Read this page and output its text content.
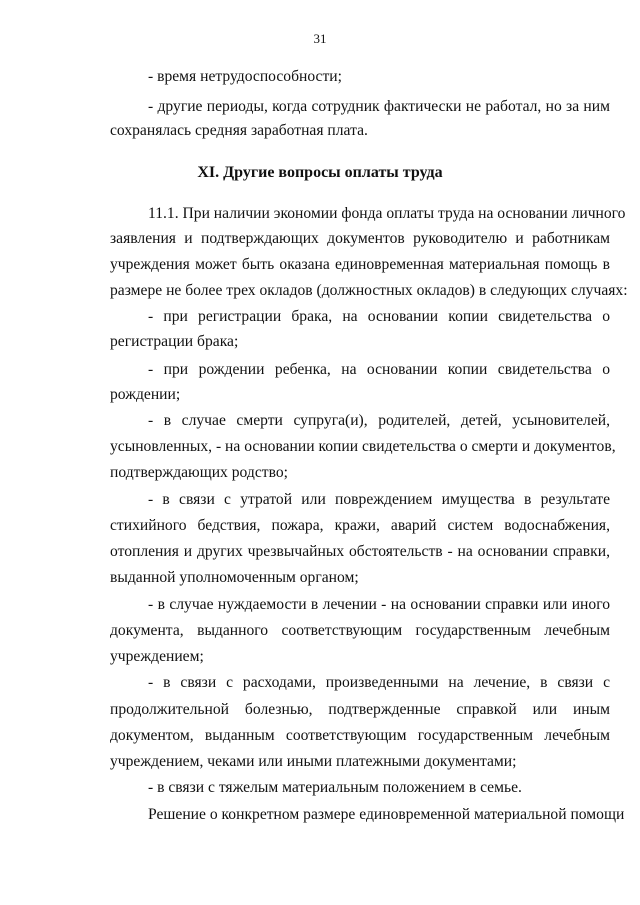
31
- время нетрудоспособности;
- другие периоды, когда сотрудник фактически не работал, но за ним
сохранялась средняя заработная плата.
XI. Другие вопросы оплаты труда
11.1. При наличии экономии фонда оплаты труда на основании личного
заявления и подтверждающих документов руководителю и работникам
учреждения может быть оказана единовременная материальная помощь в
размере не более трех окладов (должностных окладов) в следующих случаях:
- при регистрации брака, на основании копии свидетельства о
регистрации брака;
- при рождении ребенка, на основании копии свидетельства о
рождении;
- в случае смерти супруга(и), родителей, детей, усыновителей,
усыновленных, - на основании копии свидетельства о смерти и документов,
подтверждающих родство;
- в связи с утратой или повреждением имущества в результате
стихийного бедствия, пожара, кражи, аварий систем водоснабжения,
отопления и других чрезвычайных обстоятельств - на основании справки,
выданной уполномоченным органом;
- в случае нуждаемости в лечении - на основании справки или иного
документа, выданного соответствующим государственным лечебным
учреждением;
- в связи с расходами, произведенными на лечение, в связи с
продолжительной болезнью, подтвержденные справкой или иным
документом, выданным соответствующим государственным лечебным
учреждением, чеками или иными платежными документами;
- в связи с тяжелым материальным положением в семье.
Решение о конкретном размере единовременной материальной помощи
